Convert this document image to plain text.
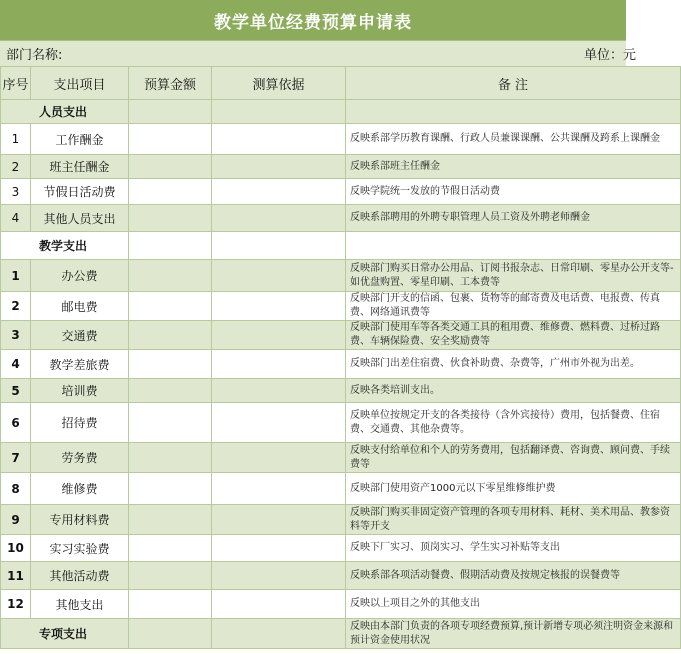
教学单位经费预算申请表
部门名称:	单位：元
序号	支出项目	预算金额	测算依据	备 注
人员支出				
1	工作酬金			反映系部学历教育课酬、行政人员兼课课酬、公共课酬及跨系上课酬金

2	班主任酬金			反映系部班主任酬金

3	节假日活动费			反映学院统一发放的节假日活动费

4	其他人员支出			反映系部聘用的外聘专职管理人员工资及外聘老师酬金

教学支出				
1	办公费			反映部门购买日常办公用品、订阅书报杂志、日常印刷、零星办公开支等-如优盘购置、零星印刷、工本费等

2	邮电费			反映部门开支的信函、包裹、货物等的邮寄费及电话费、电报费、传真费、网络通讯费等

3	交通费			反映部门使用车等各类交通工具的租用费、维修费、燃料费、过桥过路费、车辆保险费、安全奖励费等

4	教学差旅费			反映部门出差住宿费、伙食补助费、杂费等，广州市外视为出差。

5	培训费			反映各类培训支出。

6	招待费			反映单位按规定开支的各类接待（含外宾接待）费用，包括餐费、住宿费、交通费、其他杂费等。

7	劳务费			反映支付给单位和个人的劳务费用，包括翻译费、咨询费、顾问费、手续费等

8	维修费			反映部门使用资产1000元以下零星维修维护费

9	专用材料费			反映部门购买非固定资产管理的各项专用材料、耗材、美术用品、教参资料等开支

10	实习实验费			反映下厂实习、顶岗实习、学生实习补贴等支出

11	其他活动费			反映系部各项活动餐费、假期活动费及按规定核报的误餐费等

12	其他支出			反映以上项目之外的其他支出

专项支出				反映由本部门负责的各项专项经费预算,预计新增专项必须注明资金来源和预计资金使用状况
